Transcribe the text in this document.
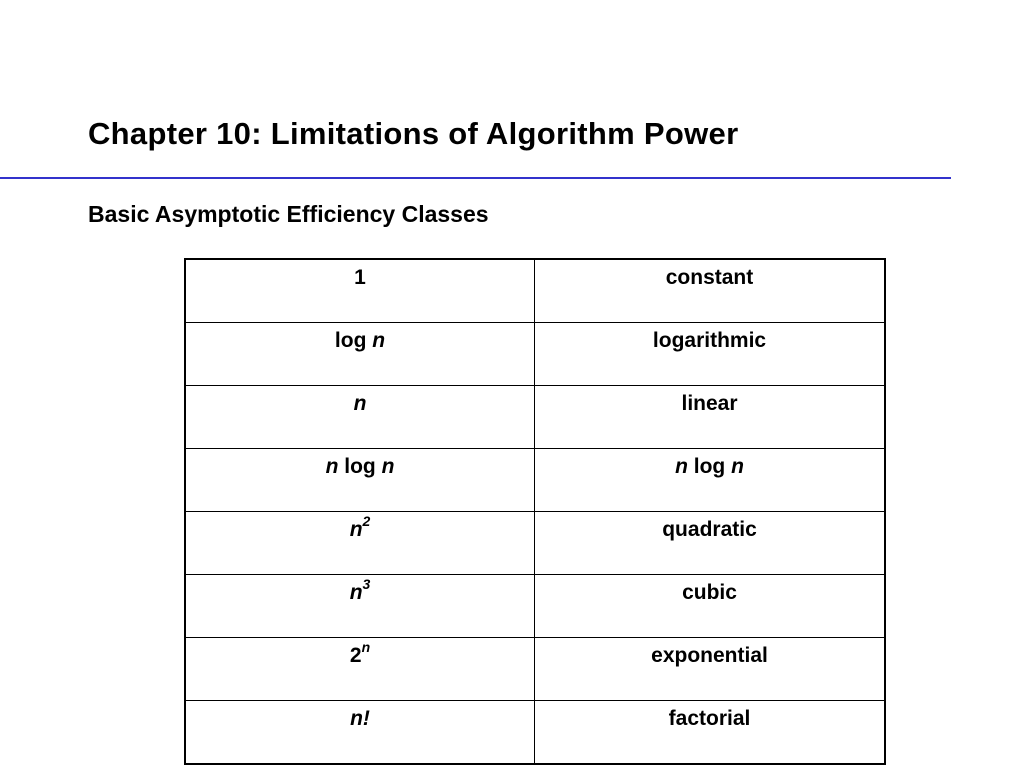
Chapter 10: Limitations of Algorithm Power
Basic Asymptotic Efficiency Classes
1	constant
log n	logarithmic
n	linear
n log n	n log n
$n^2$	quadratic
$n^3$	cubic
2$^n$	exponential
n!	factorial
